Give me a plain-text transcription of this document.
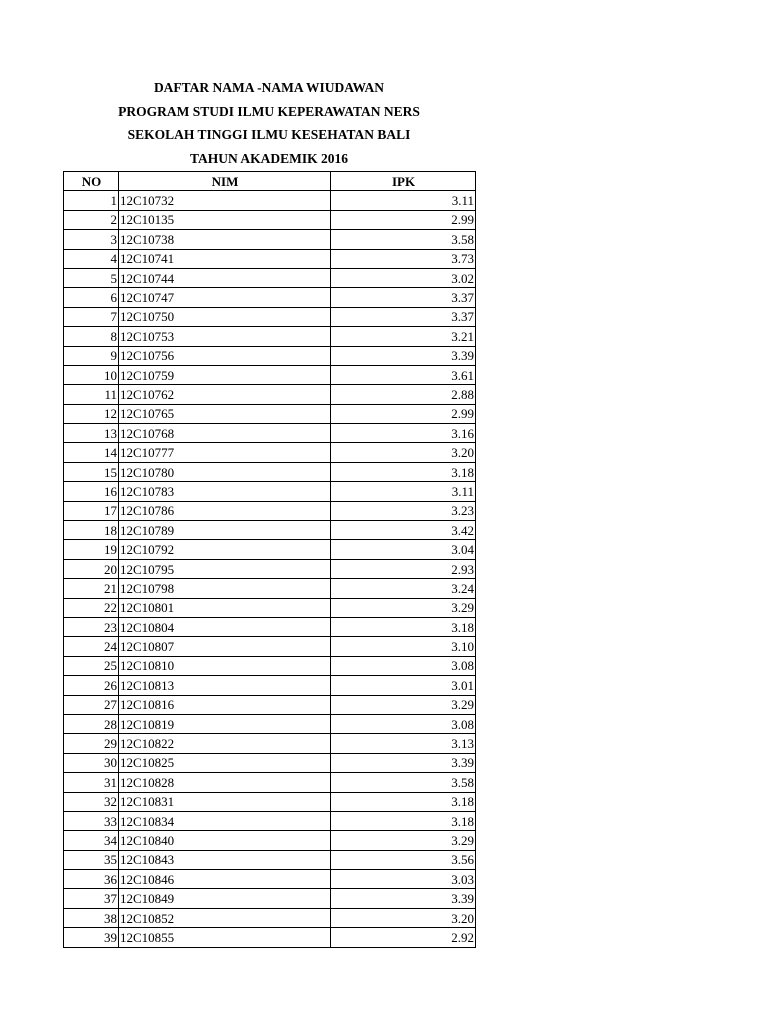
DAFTAR NAMA -NAMA WIUDAWAN
PROGRAM STUDI ILMU KEPERAWATAN NERS
SEKOLAH TINGGI ILMU KESEHATAN BALI
TAHUN AKADEMIK 2016
NO	NIM	IPK
1	12C10732	3.11
2	12C10135	2.99
3	12C10738	3.58
4	12C10741	3.73
5	12C10744	3.02
6	12C10747	3.37
7	12C10750	3.37
8	12C10753	3.21
9	12C10756	3.39
10	12C10759	3.61
11	12C10762	2.88
12	12C10765	2.99
13	12C10768	3.16
14	12C10777	3.20
15	12C10780	3.18
16	12C10783	3.11
17	12C10786	3.23
18	12C10789	3.42
19	12C10792	3.04
20	12C10795	2.93
21	12C10798	3.24
22	12C10801	3.29
23	12C10804	3.18
24	12C10807	3.10
25	12C10810	3.08
26	12C10813	3.01
27	12C10816	3.29
28	12C10819	3.08
29	12C10822	3.13
30	12C10825	3.39
31	12C10828	3.58
32	12C10831	3.18
33	12C10834	3.18
34	12C10840	3.29
35	12C10843	3.56
36	12C10846	3.03
37	12C10849	3.39
38	12C10852	3.20
39	12C10855	2.92
